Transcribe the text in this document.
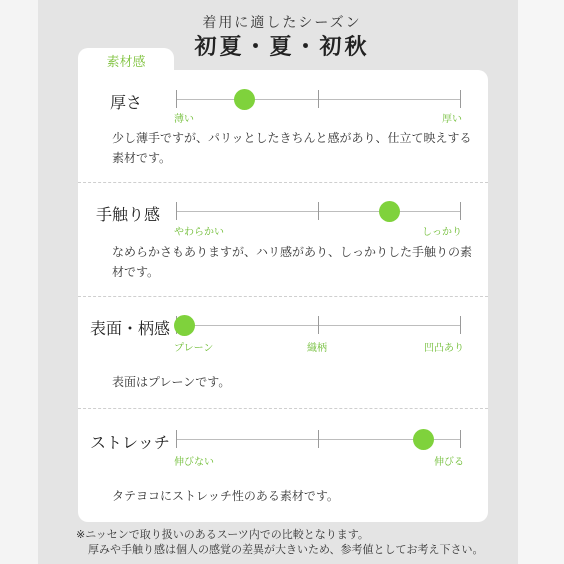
着用に適したシーズン
初夏・夏・初秋
素材感
厚さ
薄い	厚い
少し薄手ですが、パリッとしたきちんと感があり、仕立て映えする素材です。
手触り感
やわらかい	しっかり
なめらかさもありますが、ハリ感があり、しっかりした手触りの素材です。
表面・柄感
プレーン	織柄	凹凸あり
表面はプレーンです。
ストレッチ
伸びない	伸びる
タテヨコにストレッチ性のある素材です。
※ニッセンで取り扱いのあるスーツ内での比較となります。
厚みや手触り感は個人の感覚の差異が大きいため、参考値としてお考え下さい。
